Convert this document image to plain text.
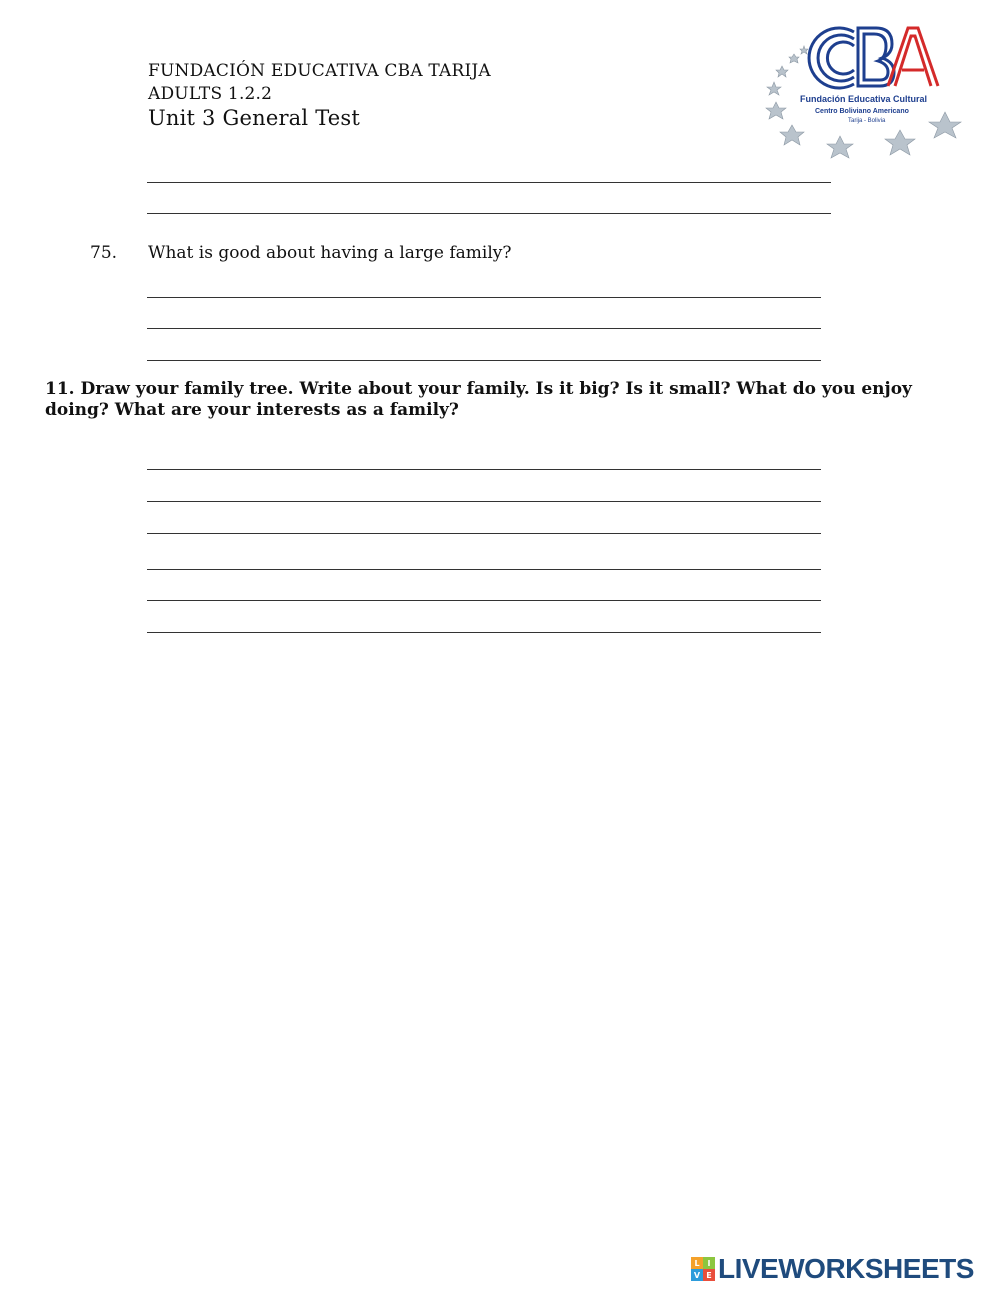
FUNDACIÓN EDUCATIVA CBA TARIJA
ADULTS 1.2.2
Unit 3 General Test
Fundación Educativa Cultural
Centro Boliviano Americano
Tarija - Bolivia
75. What is good about having a large family?
11. Draw your family tree. Write about your family. Is it big? Is it small? What do you enjoy doing? What are your interests as a family?
L I
V E LIVEWORKSHEETS
